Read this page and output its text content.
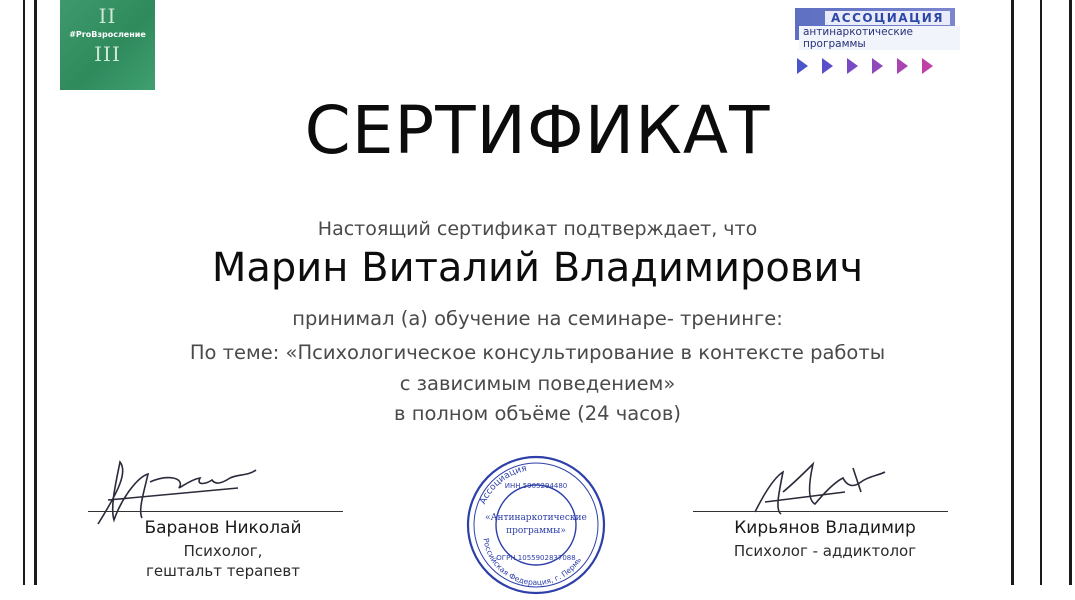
II
#ProВзросление
III
АССОЦИАЦИЯ
антинаркотические программы
СЕРТИФИКАТ
Настоящий сертификат подтверждает, что
Марин Виталий Владимирович
принимал (а) обучение на семинаре- тренинге:
По теме: «Психологическое консультирование в контексте работы
с зависимым поведением»
в полном объёме (24 часов)
Баранов Николай
Психолог,
гештальт терапевт
Кирьянов Владимир
Психолог - аддиктолог
Ассоциация
Российская Федерация, г. Пермь
ИНН 5905294480
«Антинаркотические
программы»
ОГРН 1055902837088
